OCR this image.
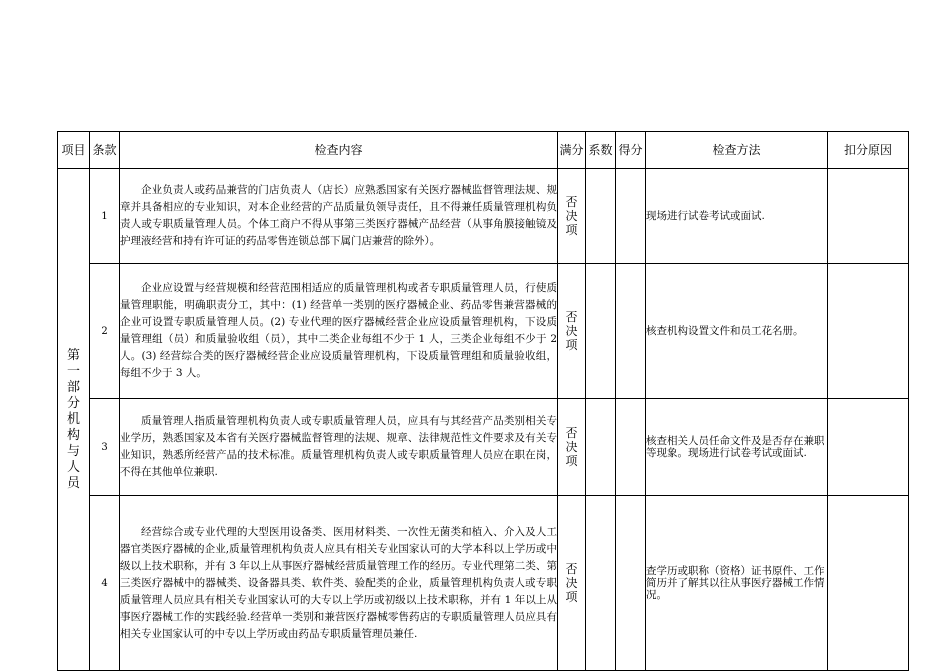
项目	条款	检查内容	满分	系数	得分	检查方法	扣分原因

第一部分机构与人员	1	企业负责人或药品兼营的门店负责人（店长）应熟悉国家有关医疗器械监督管理法规、规章并具备相应的专业知识，对本企业经营的产品质量负领导责任，且不得兼任质量管理机构负责人或专职质量管理人员。个体工商户不得从事第三类医疗器械产品经营（从事角膜接触镜及护理液经营和持有许可证的药品零售连锁总部下属门店兼营的除外）。	否决项			现场进行试卷考试或面试.	
	2	企业应设置与经营规模和经营范围相适应的质量管理机构或者专职质量管理人员，行使质量管理职能，明确职责分工，其中：(1) 经营单一类别的医疗器械企业、药品零售兼营器械的企业可设置专职质量管理人员。(2) 专业代理的医疗器械经营企业应设质量管理机构，下设质量管理组（员）和质量验收组（员），其中二类企业每组不少于 1 人，三类企业每组不少于 2 人。(3) 经营综合类的医疗器械经营企业应设质量管理机构，下设质量管理组和质量验收组，每组不少于 3 人。	否决项			核查机构设置文件和员工花名册。	
	3	质量管理人指质量管理机构负责人或专职质量管理人员，应具有与其经营产品类别相关专业学历，熟悉国家及本省有关医疗器械监督管理的法规、规章、法律规范性文件要求及有关专业知识，熟悉所经营产品的技术标准。质量管理机构负责人或专职质量管理人员应在职在岗，不得在其他单位兼职.	否决项			核查相关人员任命文件及是否存在兼职等现象。现场进行试卷考试或面试.	
	4	经营综合或专业代理的大型医用设备类、医用材料类、一次性无菌类和植入、介入及人工器官类医疗器械的企业,质量管理机构负责人应具有相关专业国家认可的大学本科以上学历或中级以上技术职称，并有 3 年以上从事医疗器械经营质量管理工作的经历。专业代理第二类、第三类医疗器械中的器械类、设备器具类、软件类、验配类的企业，质量管理机构负责人或专职质量管理人员应具有相关专业国家认可的大专以上学历或初级以上技术职称，并有 1 年以上从事医疗器械工作的实践经验.经营单一类别和兼营医疗器械零售药店的专职质量管理人员应具有相关专业国家认可的中专以上学历或由药品专职质量管理员兼任.	否决项			查学历或职称（资格）证书原件、工作简历并了解其以往从事医疗器械工作情况。	
